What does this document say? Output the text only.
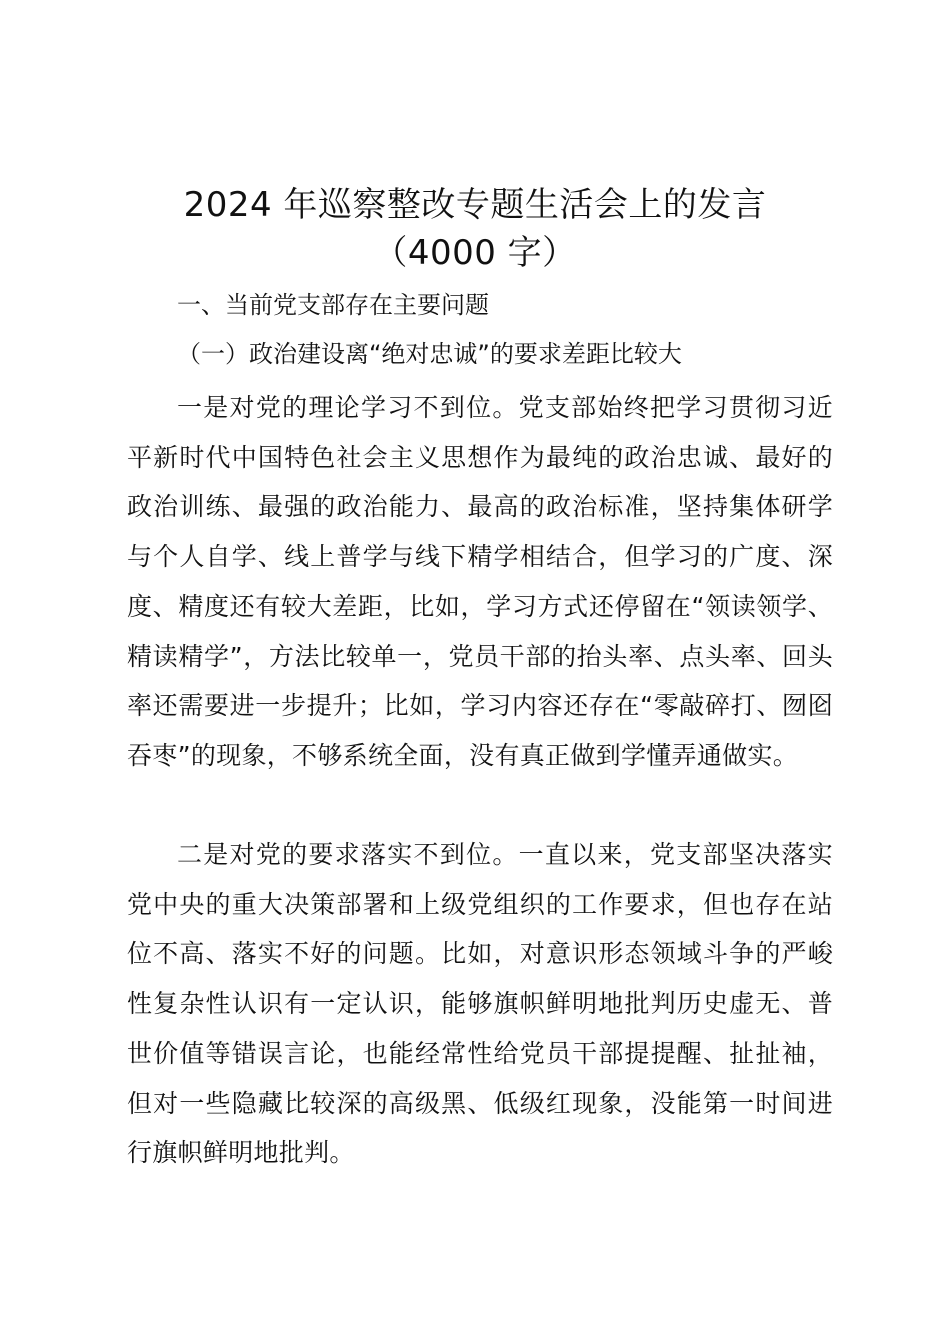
2024 年巡察整改专题生活会上的发言
（4000 字）
一、当前党支部存在主要问题
（一）政治建设离“绝对忠诚”的要求差距比较大
一是对党的理论学习不到位。党支部始终把学习贯彻习近平新时代中国特色社会主义思想作为最纯的政治忠诚、最好的政治训练、最强的政治能力、最高的政治标准，坚持集体研学与个人自学、线上普学与线下精学相结合，但学习的广度、深度、精度还有较大差距，比如，学习方式还停留在“领读领学、精读精学”，方法比较单一，党员干部的抬头率、点头率、回头率还需要进一步提升；比如，学习内容还存在“零敲碎打、囫囵吞枣”的现象，不够系统全面，没有真正做到学懂弄通做实。
二是对党的要求落实不到位。一直以来，党支部坚决落实党中央的重大决策部署和上级党组织的工作要求，但也存在站位不高、落实不好的问题。比如，对意识形态领域斗争的严峻性复杂性认识有一定认识，能够旗帜鲜明地批判历史虚无、普世价值等错误言论，也能经常性给党员干部提提醒、扯扯袖，但对一些隐藏比较深的高级黑、低级红现象，没能第一时间进行旗帜鲜明地批判。
